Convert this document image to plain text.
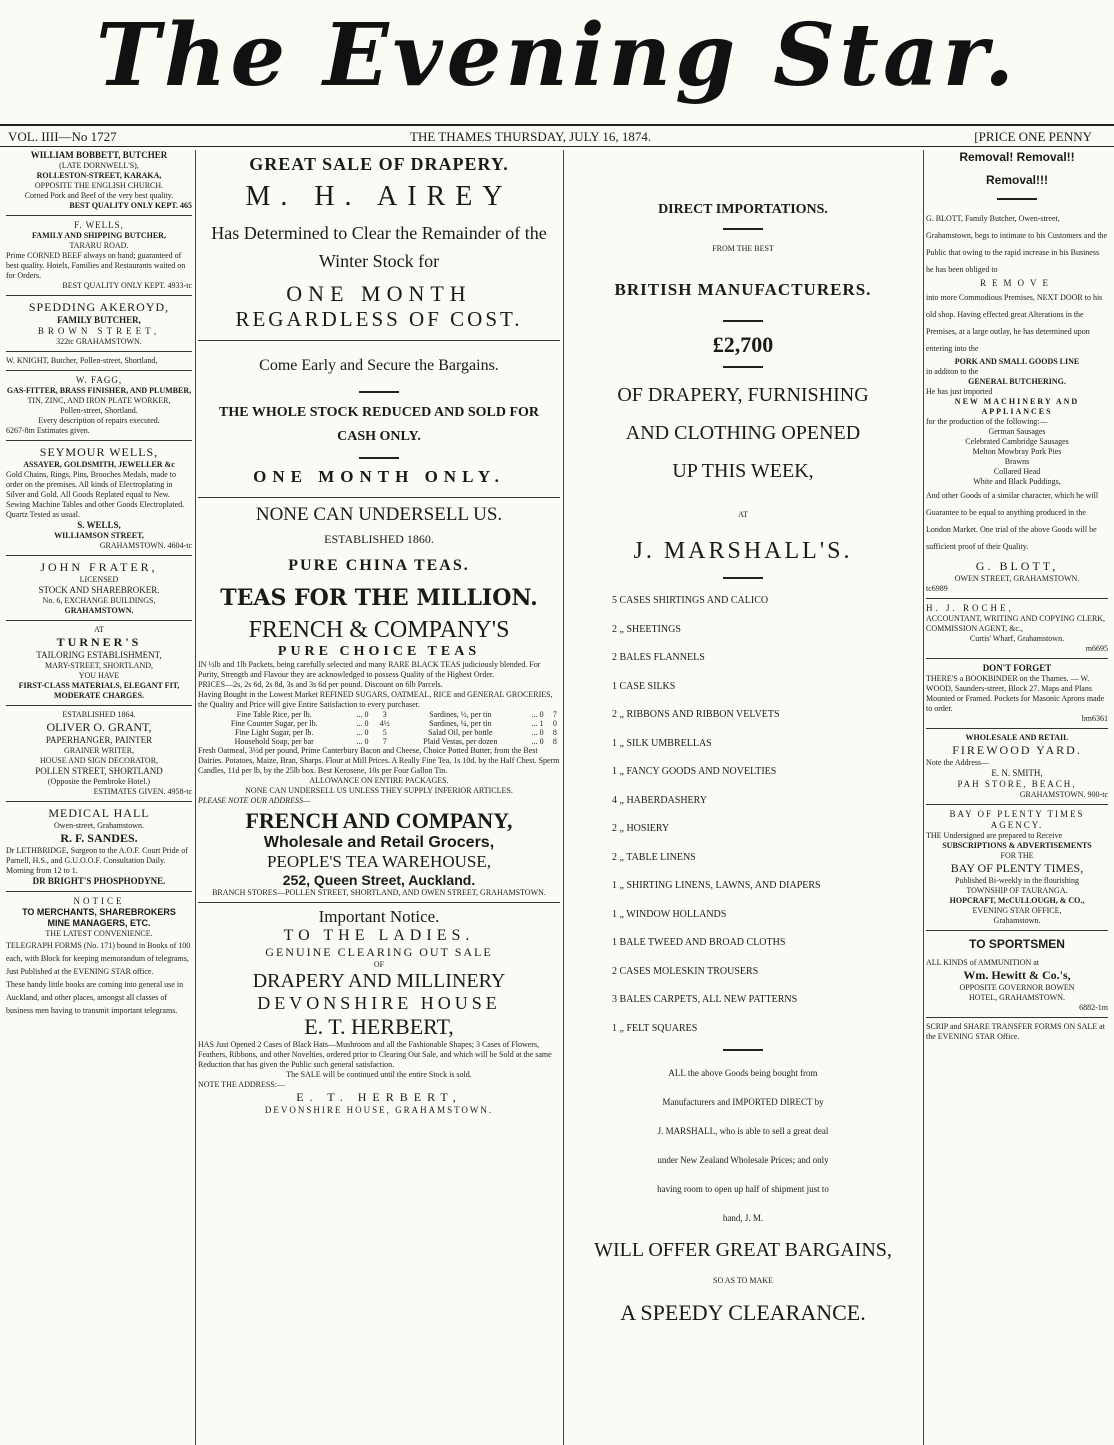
The Evening Star.
VOL. IIII—No 1727	THE THAMES THURSDAY, JULY 16, 1874.	[PRICE ONE PENNY
WILLIAM BOBBETT, BUTCHER
(LATE DORNWELL'S),
ROLLESTON-STREET, KARAKA,
OPPOSITE THE ENGLISH CHURCH.
Corned Pork and Beef of the very best quality.
BEST QUALITY ONLY KEPT. 465
F. WELLS,
FAMILY AND SHIPPING BUTCHER,
TARARU ROAD.
Prime CORNED BEEF always on hand; guaranteed of best quality. Hotels, Families and Restaurants waited on for Orders.
BEST QUALITY ONLY KEPT. 4933-tc
SPEDDING AKEROYD,
FAMILY BUTCHER,
BROWN STREET,
322tc GRAHAMSTOWN.
W. KNIGHT, Butcher, Pollen-street, Shortland,
W. FAGG,
GAS-FITTER, BRASS FINISHER, AND PLUMBER,
TIN, ZINC, AND IRON PLATE WORKER,
Pollen-street, Shortland.
Every description of repairs executed.
6267-8m Estimates given.
SEYMOUR WELLS,
ASSAYER, GOLDSMITH, JEWELLER &c
Gold Chains, Rings, Pins, Brooches Medals, made to order on the premises. All kinds of Electroplating in Silver and Gold. All Goods Replated equal to New. Sewing Machine Tables and other Goods Electroplated. Quartz Tested as usual.
S. WELLS,
WILLIAMSON STREET,
GRAHAMSTOWN. 4604-tc
JOHN FRATER,
LICENSED
STOCK AND SHAREBROKER.
No. 6, EXCHANGE BUILDINGS,
GRAHAMSTOWN.
AT
TURNER'S
TAILORING ESTABLISHMENT,
MARY-STREET, SHORTLAND,
YOU HAVE
FIRST-CLASS MATERIALS, ELEGANT FIT, MODERATE CHARGES.
ESTABLISHED 1864.
OLIVER O. GRANT,
PAPERHANGER, PAINTER
GRAINER WRITER,
HOUSE AND SIGN DECORATOR,
POLLEN STREET, SHORTLAND
(Opposite the Pembroke Hotel.)
ESTIMATES GIVEN. 4958-tc
MEDICAL HALL
Owen-street, Grahamstown.
R. F. SANDES.
Dr LETHBRIDGE, Surgeon to the A.O.F. Court Pride of Parnell, H.S., and G.U.O.O.F. Consultation Daily. Morning from 12 to 1.
DR BRIGHT'S PHOSPHODYNE.
NOTICE
TO MERCHANTS, SHAREBROKERS
MINE MANAGERS, ETC.
THE LATEST CONVENIENCE.
TELEGRAPH FORMS (No. 171) bound in Books of 100 each, with Block for keeping memorandum of telegrams, Just Published at the EVENING STAR office.
These handy little books are coming into general use in Auckland, and other places, amongst all classes of business men having to transmit important telegrams.
GREAT SALE OF DRAPERY.
M. H. AIREY
Has Determined to Clear the Remainder of the Winter Stock for
ONE MONTH
REGARDLESS OF COST.
Come Early and Secure the Bargains.
THE WHOLE STOCK REDUCED AND SOLD FOR CASH ONLY.
ONE MONTH ONLY.
NONE CAN UNDERSELL US.
ESTABLISHED 1860.
PURE CHINA TEAS.
TEAS FOR THE MILLION.
FRENCH & COMPANY'S
PURE CHOICE TEAS
IN ½lb and 1lb Packets, being carefully selected and many RARE BLACK TEAS judiciously blended. For Purity, Strength and Flavour they are acknowledged to possess Quality of the Highest Order.
PRICES—2s, 2s 6d, 2s 8d, 3s and 3s 6d per pound. Discount on 6lb Parcels.
Having Bought in the Lowest Market REFINED SUGARS, OATMEAL, RICE and GENERAL GROCERIES, the Quality and Price will give Entire Satisfaction to every purchaser.
Fine Table Rice, per lb.	... 0	3	Sardines, ½, per tin	... 0	7
Fine Counter Sugar, per lb.	... 0	4½	Sardines, ¼, per tin	... 1	0
Fine Light Sugar, per lb.	... 0	5	Salad Oil, per bottle	... 0	8
Household Soap, per bar	... 0	7	Plaid Vestas, per dozen	... 0	8
Fresh Oatmeal, 3½d per pound, Prime Canterbury Bacon and Cheese, Choice Potted Butter, from the Best Dairies. Potatoes, Maize, Bran, Sharps. Flour at Mill Prices. A Really Fine Tea, 1s 10d. by the Half Chest. Sperm Candles, 11d per lb, by the 25lb box. Best Kerosene, 10s per Four Gallon Tin.
ALLOWANCE ON ENTIRE PACKAGES.
NONE CAN UNDERSELL US UNLESS THEY SUPPLY INFERIOR ARTICLES.
PLEASE NOTE OUR ADDRESS—
FRENCH AND COMPANY,
Wholesale and Retail Grocers,
PEOPLE'S TEA WAREHOUSE,
252, Queen Street, Auckland.
BRANCH STORES—POLLEN STREET, SHORTLAND, AND OWEN STREET, GRAHAMSTOWN.
Important Notice.
TO THE LADIES.
GENUINE CLEARING OUT SALE
OF
DRAPERY AND MILLINERY
DEVONSHIRE HOUSE
E. T. HERBERT,
HAS Just Opened 2 Cases of Black Hats—Mushroom and all the Fashionable Shapes; 3 Cases of Flowers, Feathers, Ribbons, and other Novelties, ordered prior to Clearing Out Sale, and which will be Sold at the same Reduction that has given the Public such general satisfaction.
The SALE will be continued until the entire Stock is sold.
NOTE THE ADDRESS:—
E. T. HERBERT,
DEVONSHIRE HOUSE, GRAHAMSTOWN.
DIRECT IMPORTATIONS.
FROM THE BEST
BRITISH MANUFACTURERS.
£2,700
OF DRAPERY, FURNISHING
AND CLOTHING OPENED
UP THIS WEEK,
AT
J. MARSHALL'S.
5 CASES SHIRTINGS AND CALICO
2 „ SHEETINGS
2 BALES FLANNELS
1 CASE SILKS
2 „ RIBBONS AND RIBBON VELVETS
1 „ SILK UMBRELLAS
1 „ FANCY GOODS AND NOVELTIES
4 „ HABERDASHERY
2 „ HOSIERY
2 „ TABLE LINENS
1 „ SHIRTING LINENS, LAWNS, AND DIAPERS
1 „ WINDOW HOLLANDS
1 BALE TWEED AND BROAD CLOTHS
2 CASES MOLESKIN TROUSERS
3 BALES CARPETS, ALL NEW PATTERNS
1 „ FELT SQUARES
ALL the above Goods being bought from
Manufacturers and IMPORTED DIRECT by
J. MARSHALL, who is able to sell a great deal
under New Zealand Wholesale Prices; and only
having room to open up half of shipment just to
hand, J. M.
WILL OFFER GREAT BARGAINS,
SO AS TO MAKE
A SPEEDY CLEARANCE.
Removal! Removal!!
Removal!!!
G. BLOTT, Family Butcher, Owen-street, Grahamstown, begs to intimate to his Customers and the Public that owing to the rapid increase in his Business he has been obliged to
REMOVE
into more Commodious Premises, NEXT DOOR to his old shop. Having effected great Alterations in the Premises, at a large outlay, he has determined upon entering into the
PORK AND SMALL GOODS LINE
in additon to the
GENERAL BUTCHERING.
He has just imported
NEW MACHINERY AND
APPLIANCES
for the production of the following:—
German Sausages
Celebrated Cambridge Sausages
Melton Mowbray Pork Pies
Brawns
Collared Head
White and Black Puddings,
And other Goods of a similar character, which he will Guarantee to be equal to anything produced in the London Market. One trial of the above Goods will be sufficient proof of their Quality.
G. BLOTT,
OWEN STREET, GRAHAMSTOWN.
tc6989
H. J. ROCHE,
ACCOUNTANT, WRITING AND COPYING CLERK, COMMISSION AGENT, &c.,
Curtis' Wharf, Grahamstown.
m6695
DON'T FORGET
THERE'S a BOOKBINDER on the Thames. — W. WOOD, Saunders-street, Block 27. Maps and Plans Mounted or Framed. Pockets for Masonic Aprons made to order.
bm6361
WHOLESALE AND RETAIL
FIREWOOD YARD.
Note the Address—
E. N. SMITH,
PAH STORE, BEACH,
GRAHAMSTOWN. 900-tc
BAY OF PLENTY TIMES AGENCY.
THE Undersigned are prepared to Receive
SUBSCRIPTIONS & ADVERTISEMENTS
FOR THE
BAY OF PLENTY TIMES,
Published Bi-weekly in the flourishing
TOWNSHIP OF TAURANGA.
HOPCRAFT, McCULLOUGH, & CO.,
EVENING STAR OFFICE,
Grahamstown.
TO SPORTSMEN
ALL KINDS of AMMUNITION at
Wm. Hewitt & Co.'s,
OPPOSITE GOVERNOR BOWEN
HOTEL, GRAHAMSTOWN.
6882-1m
SCRIP and SHARE TRANSFER FORMS ON SALE at the EVENING STAR Office.
